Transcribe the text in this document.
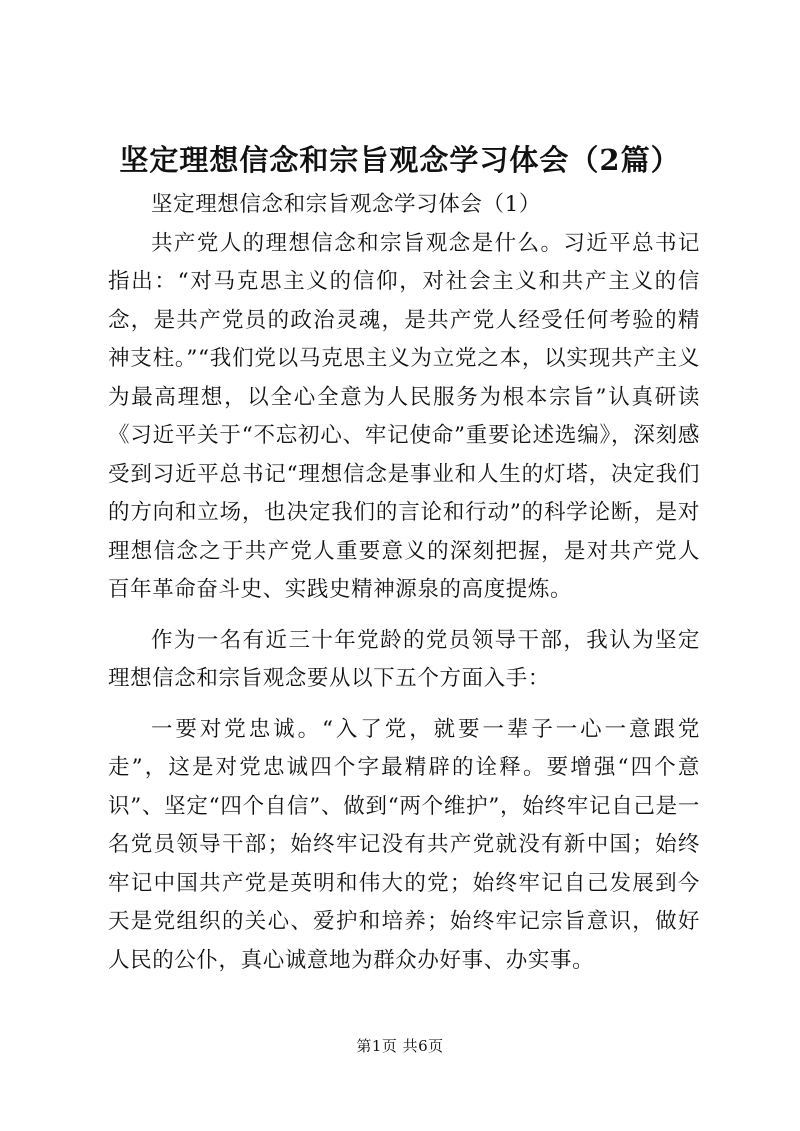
坚定理想信念和宗旨观念学习体会（2篇）

坚定理想信念和宗旨观念学习体会（1）

共产党人的理想信念和宗旨观念是什么。习近平总书记指出：“对马克思主义的信仰，对社会主义和共产主义的信念，是共产党员的政治灵魂，是共产党人经受任何考验的精神支柱。”“我们党以马克思主义为立党之本，以实现共产主义为最高理想，以全心全意为人民服务为根本宗旨”认真研读《习近平关于“不忘初心、牢记使命”重要论述选编》，深刻感受到习近平总书记“理想信念是事业和人生的灯塔，决定我们的方向和立场，也决定我们的言论和行动”的科学论断，是对理想信念之于共产党人重要意义的深刻把握，是对共产党人百年革命奋斗史、实践史精神源泉的高度提炼。

作为一名有近三十年党龄的党员领导干部，我认为坚定理想信念和宗旨观念要从以下五个方面入手：

一要对党忠诚。“入了党，就要一辈子一心一意跟党走”，这是对党忠诚四个字最精辟的诠释。要增强“四个意识”、坚定“四个自信”、做到“两个维护”，始终牢记自己是一名党员领导干部；始终牢记没有共产党就没有新中国；始终牢记中国共产党是英明和伟大的党；始终牢记自己发展到今天是党组织的关心、爱护和培养；始终牢记宗旨意识，做好人民的公仆，真心诚意地为群众办好事、办实事。

第1页 共6页
